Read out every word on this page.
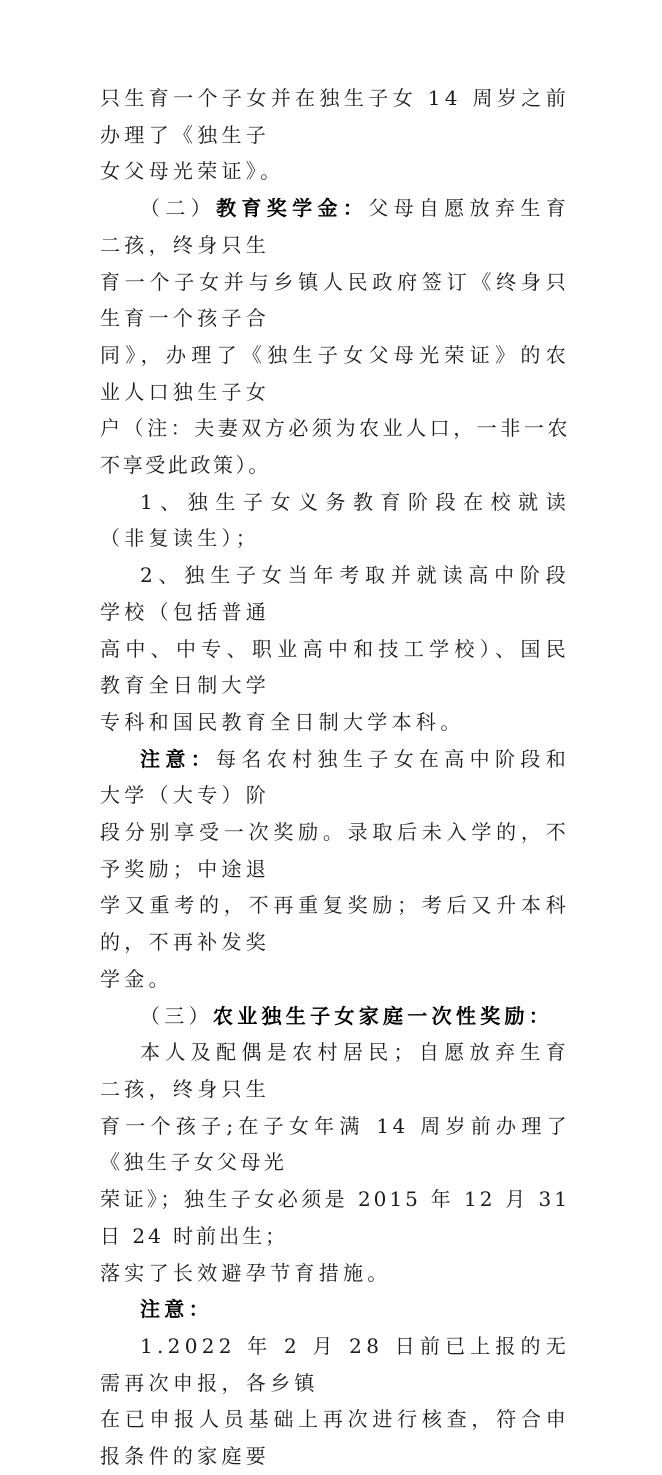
只生育一个子女并在独生子女 14 周岁之前办理了《独生子
女父母光荣证》。
（二）教育奖学金：父母自愿放弃生育二孩，终身只生
育一个子女并与乡镇人民政府签订《终身只生育一个孩子合
同》，办理了《独生子女父母光荣证》的农业人口独生子女
户（注：夫妻双方必须为农业人口，一非一农不享受此政策）。
1、独生子女义务教育阶段在校就读（非复读生）；
2、独生子女当年考取并就读高中阶段学校（包括普通
高中、中专、职业高中和技工学校）、国民教育全日制大学
专科和国民教育全日制大学本科。
注意：每名农村独生子女在高中阶段和大学（大专）阶
段分别享受一次奖励。录取后未入学的，不予奖励；中途退
学又重考的，不再重复奖励；考后又升本科的，不再补发奖
学金。
（三）农业独生子女家庭一次性奖励：
本人及配偶是农村居民；自愿放弃生育二孩，终身只生
育一个孩子;在子女年满 14 周岁前办理了《独生子女父母光
荣证》；独生子女必须是 2015 年 12 月 31 日 24 时前出生；
落实了长效避孕节育措施。
注意：
1.2022 年 2 月 28 日前已上报的无需再次申报，各乡镇
在已申报人员基础上再次进行核查，符合申报条件的家庭要
